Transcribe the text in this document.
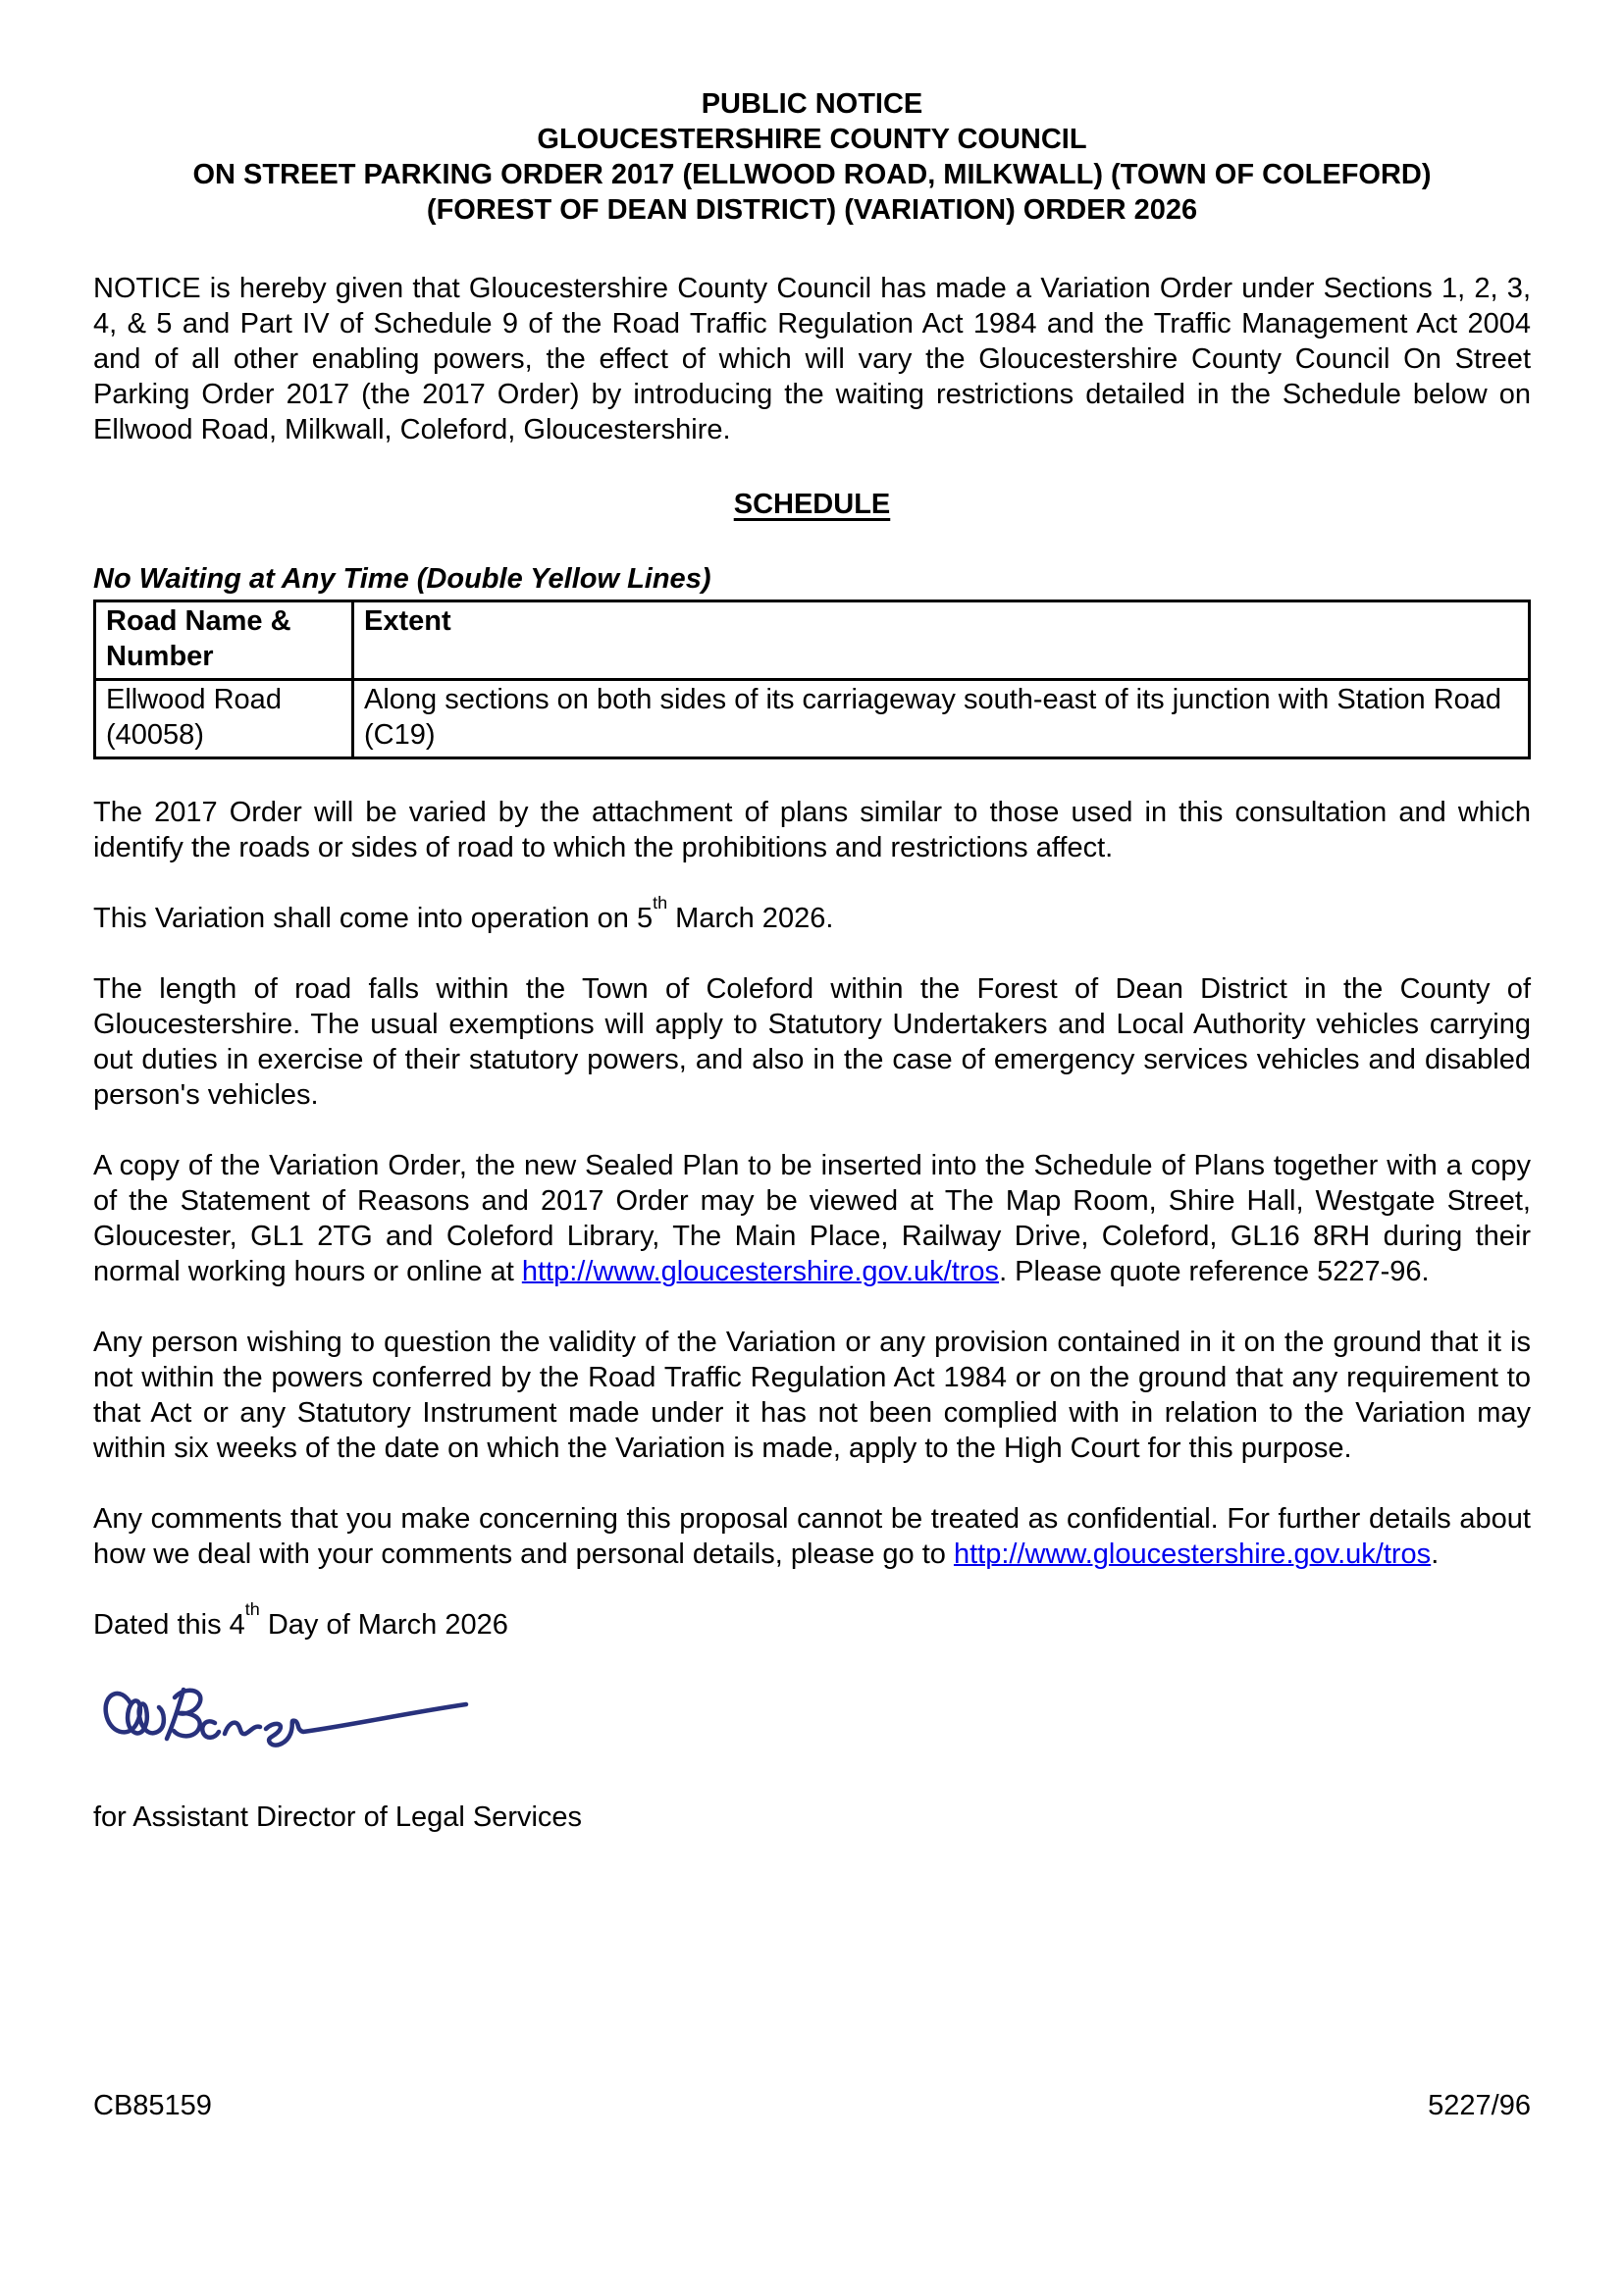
PUBLIC NOTICE
GLOUCESTERSHIRE COUNTY COUNCIL
ON STREET PARKING ORDER 2017 (ELLWOOD ROAD, MILKWALL) (TOWN OF COLEFORD)
(FOREST OF DEAN DISTRICT) (VARIATION) ORDER 2026

NOTICE is hereby given that Gloucestershire County Council has made a Variation Order under Sections 1, 2, 3, 4, & 5 and Part IV of Schedule 9 of the Road Traffic Regulation Act 1984 and the Traffic Management Act 2004 and of all other enabling powers, the effect of which will vary the Gloucestershire County Council On Street Parking Order 2017 (the 2017 Order) by introducing the waiting restrictions detailed in the Schedule below on Ellwood Road, Milkwall, Coleford, Gloucestershire.

SCHEDULE
No Waiting at Any Time (Double Yellow Lines)
Road Name & Number	Extent
Ellwood Road (40058)	Along sections on both sides of its carriageway south-east of its junction with Station Road (C19)

The 2017 Order will be varied by the attachment of plans similar to those used in this consultation and which identify the roads or sides of road to which the prohibitions and restrictions affect.

This Variation shall come into operation on 5th March 2026.

The length of road falls within the Town of Coleford within the Forest of Dean District in the County of Gloucestershire. The usual exemptions will apply to Statutory Undertakers and Local Authority vehicles carrying out duties in exercise of their statutory powers, and also in the case of emergency services vehicles and disabled person's vehicles.

A copy of the Variation Order, the new Sealed Plan to be inserted into the Schedule of Plans together with a copy of the Statement of Reasons and 2017 Order may be viewed at The Map Room, Shire Hall, Westgate Street, Gloucester, GL1 2TG and Coleford Library, The Main Place, Railway Drive, Coleford, GL16 8RH during their normal working hours or online at http://www.gloucestershire.gov.uk/tros. Please quote reference 5227-96.

Any person wishing to question the validity of the Variation or any provision contained in it on the ground that it is not within the powers conferred by the Road Traffic Regulation Act 1984 or on the ground that any requirement to that Act or any Statutory Instrument made under it has not been complied with in relation to the Variation may within six weeks of the date on which the Variation is made, apply to the High Court for this purpose.

Any comments that you make concerning this proposal cannot be treated as confidential. For further details about how we deal with your comments and personal details, please go to http://www.gloucestershire.gov.uk/tros.

Dated this 4th Day of March 2026

for Assistant Director of Legal Services

CB85159	5227/96
